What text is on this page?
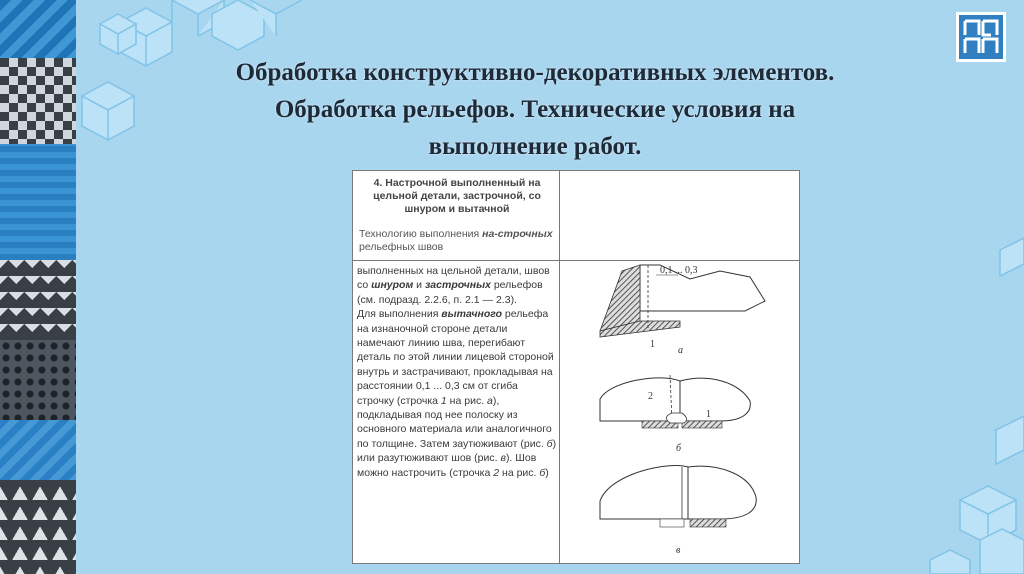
Обработка конструктивно-декоративных элементов.
Обработка рельефов. Технические условия на
выполнение работ.
4. Настрочной выполненный на цельной детали, застрочной, со шнуром и вытачной
Технологию выполнения на-строчных рельефных швов

выполненных на цельной детали, швов со шнуром и застрочных рельефов (см. подразд. 2.2.6, п. 2.1 — 2.3).

Для выполнения вытачного рельефа на изнаночной стороне детали намечают линию шва, перегибают деталь по этой линии лицевой стороной внутрь и застрачивают, прокладывая на расстоянии 0,1 ... 0,3 см от сгиба строчку (строчка 1 на рис. а), подкладывая под нее полоску из основного материала или аналогичного по толщине. Затем заутюживают (рис. б) или разутюживают шов (рис. в). Шов можно настрочить (строчка 2 на рис. б)

0,1 ... 0,3
1
а
2
1
б
в
